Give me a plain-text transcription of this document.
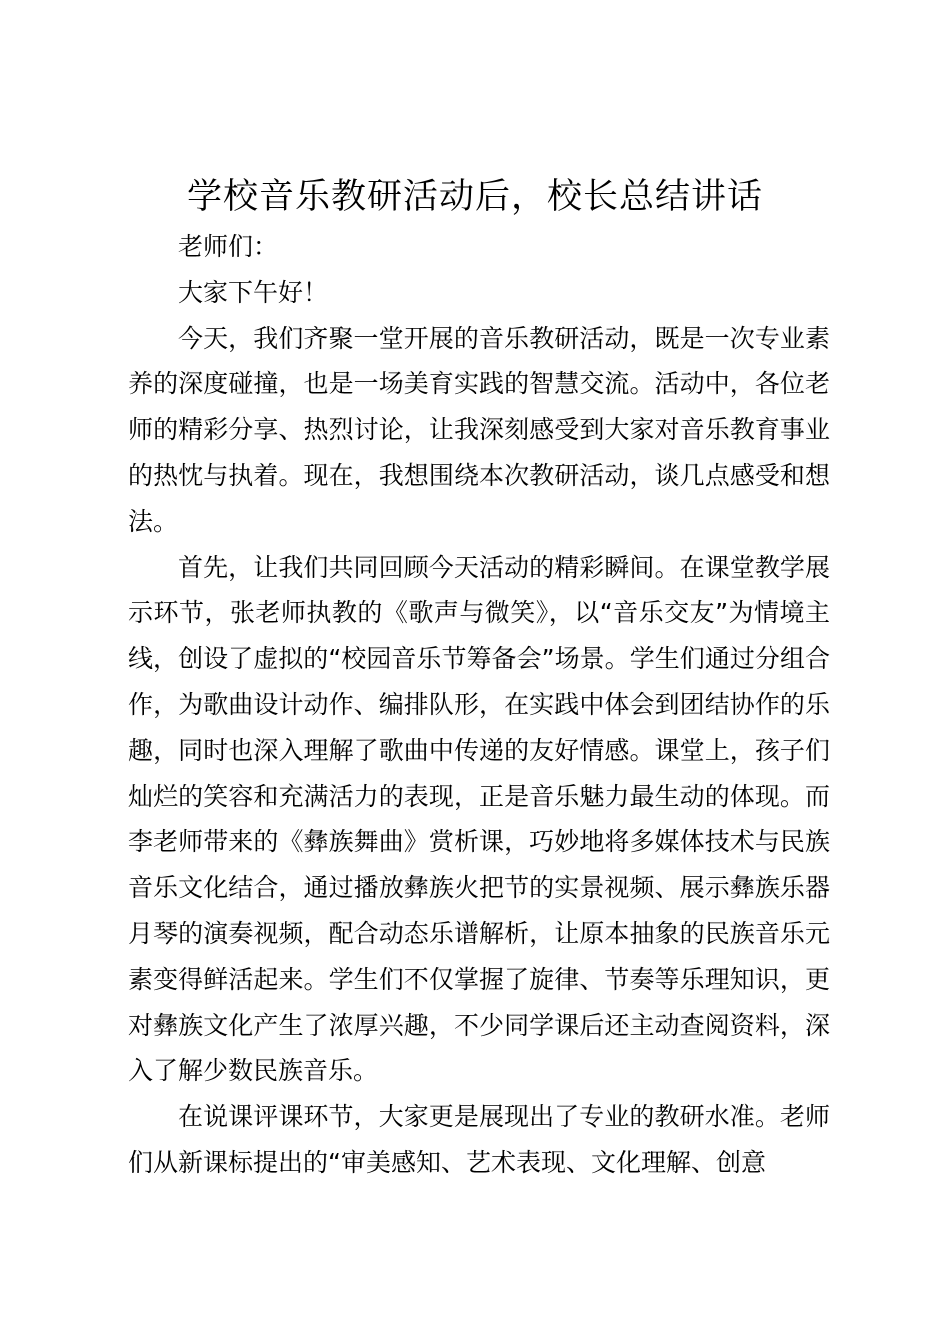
学校音乐教研活动后，校长总结讲话

老师们：

大家下午好！

今天，我们齐聚一堂开展的音乐教研活动，既是一次专业素养的深度碰撞，也是一场美育实践的智慧交流。活动中，各位老师的精彩分享、热烈讨论，让我深刻感受到大家对音乐教育事业的热忱与执着。现在，我想围绕本次教研活动，谈几点感受和想法。

首先，让我们共同回顾今天活动的精彩瞬间。在课堂教学展示环节，张老师执教的《歌声与微笑》，以“音乐交友”为情境主线，创设了虚拟的“校园音乐节筹备会”场景。学生们通过分组合作，为歌曲设计动作、编排队形，在实践中体会到团结协作的乐趣，同时也深入理解了歌曲中传递的友好情感。课堂上，孩子们灿烂的笑容和充满活力的表现，正是音乐魅力最生动的体现。而李老师带来的《彝族舞曲》赏析课，巧妙地将多媒体技术与民族音乐文化结合，通过播放彝族火把节的实景视频、展示彝族乐器月琴的演奏视频，配合动态乐谱解析，让原本抽象的民族音乐元素变得鲜活起来。学生们不仅掌握了旋律、节奏等乐理知识，更对彝族文化产生了浓厚兴趣，不少同学课后还主动查阅资料，深入了解少数民族音乐。

在说课评课环节，大家更是展现出了专业的教研水准。老师们从新课标提出的“审美感知、艺术表现、文化理解、创意
